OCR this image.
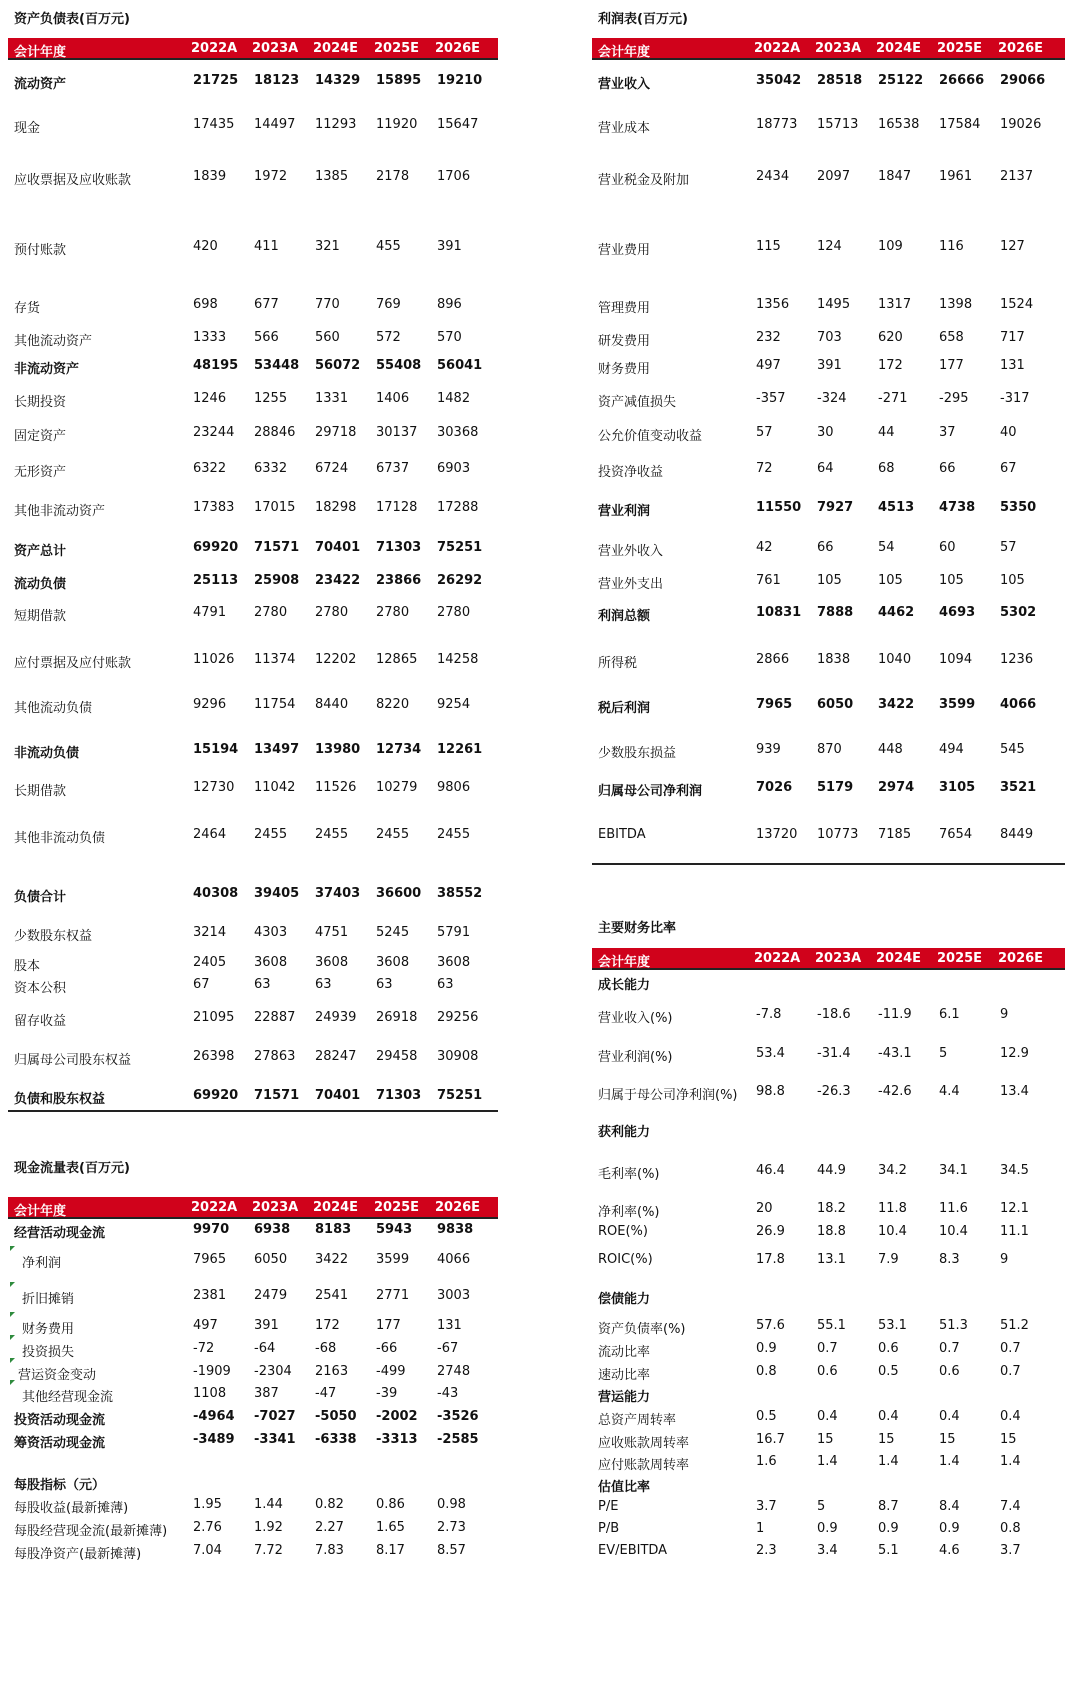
资产负债表(百万元)
会计年度	2022A 2023A 2024E 2025E 2026E
流动资产	21725 18123 14329 15895 19210
现金	17435 14497 11293 11920 15647
应收票据及应收账款	1839 1972 1385 2178 1706
预付账款	420	411	321	455	391
存货	698	677	770	769	896
其他流动资产	1333 566	560	572	570
非流动资产	48195 53448 56072 55408 56041
长期投资	1246 1255 1331 1406 1482
固定资产	23244 28846 29718 30137 30368
无形资产	6322 6332 6724 6737 6903
其他非流动资产	17383 17015 18298 17128 17288
资产总计	69920 71571 70401 71303 75251
流动负债	25113 25908 23422 23866 26292
短期借款	4791 2780 2780 2780 2780
应付票据及应付账款	11026 11374 12202 12865 14258
其他流动负债	9296 11754 8440 8220 9254
非流动负债	15194 13497 13980 12734 12261
长期借款	12730 11042 11526 10279 9806
其他非流动负债	2464 2455 2455 2455 2455
负债合计	40308 39405 37403 36600 38552
少数股东权益	3214 4303 4751 5245 5791
股本	2405 3608 3608 3608 3608
资本公积	67	63	63	63	63
留存收益	21095 22887 24939 26918 29256
归属母公司股东权益	26398 27863 28247 29458 30908
负债和股东权益	69920 71571 70401 71303 75251
利润表(百万元)
会计年度	2022A 2023A 2024E 2025E 2026E
营业收入	35042 28518 25122 26666 29066
营业成本	18773 15713 16538 17584 19026
营业税金及附加	2434 2097 1847 1961 2137
营业费用	115	124	109	116	127
管理费用	1356 1495 1317 1398 1524
研发费用	232	703	620	658	717
财务费用	497	391	172	177	131
资产减值损失	-357 -324 -271 -295 -317
公允价值变动收益	57	30	44	37	40
投资净收益	72	64	68	66	67
营业利润	11550 7927 4513 4738 5350
营业外收入	42	66	54	60	57
营业外支出	761	105	105	105	105
利润总额	10831 7888 4462 4693 5302
所得税	2866 1838 1040 1094 1236
税后利润	7965 6050 3422 3599 4066
少数股东损益	939	870	448	494	545
归属母公司净利润	7026 5179 2974 3105 3521
EBITDA	13720 10773 7185 7654 8449
现金流量表(百万元)
会计年度	2022A 2023A 2024E 2025E 2026E
经营活动现金流	9970 6938 8183 5943 9838
净利润	7965 6050 3422 3599 4066
折旧摊销	2381 2479 2541 2771 3003
财务费用	497	391	172	177	131
投资损失	-72	-64	-68	-66	-67
营运资金变动	-1909 -2304 2163 -499 2748
其他经营现金流	1108 387	-47	-39	-43
投资活动现金流	-4964 -7027 -5050 -2002 -3526
筹资活动现金流	-3489 -3341 -6338 -3313 -2585
每股指标（元）
每股收益(最新摊薄)	1.95 1.44 0.82 0.86 0.98
每股经营现金流(最新摊薄) 2.76 1.92 2.27 1.65 2.73
每股净资产(最新摊薄)	7.04 7.72 7.83 8.17 8.57
主要财务比率
会计年度	2022A 2023A 2024E 2025E 2026E
成长能力
营业收入(%)	-7.8	-18.6 -11.9 6.1	9
营业利润(%)	53.4 -31.4 -43.1 5	12.9
归属于母公司净利润(%) 98.8 -26.3 -42.6 4.4	13.4
获利能力
毛利率(%)	46.4 44.9 34.2 34.1 34.5
净利率(%)	20	18.2 11.8 11.6 12.1
ROE(%)	26.9 18.8 10.4 10.4 11.1
ROIC(%)	17.8 13.1 7.9	8.3	9
偿债能力
资产负债率(%)	57.6 55.1 53.1 51.3 51.2
流动比率	0.9	0.7	0.6	0.7	0.7
速动比率	0.8	0.6	0.5	0.6	0.7
营运能力
总资产周转率	0.5	0.4	0.4	0.4	0.4
应收账款周转率	16.7 15	15	15	15
应付账款周转率	1.6	1.4	1.4	1.4	1.4
估值比率
P/E	3.7	5	8.7	8.4	7.4
P/B	1	0.9	0.9	0.9	0.8
EV/EBITDA	2.3	3.4	5.1	4.6	3.7
